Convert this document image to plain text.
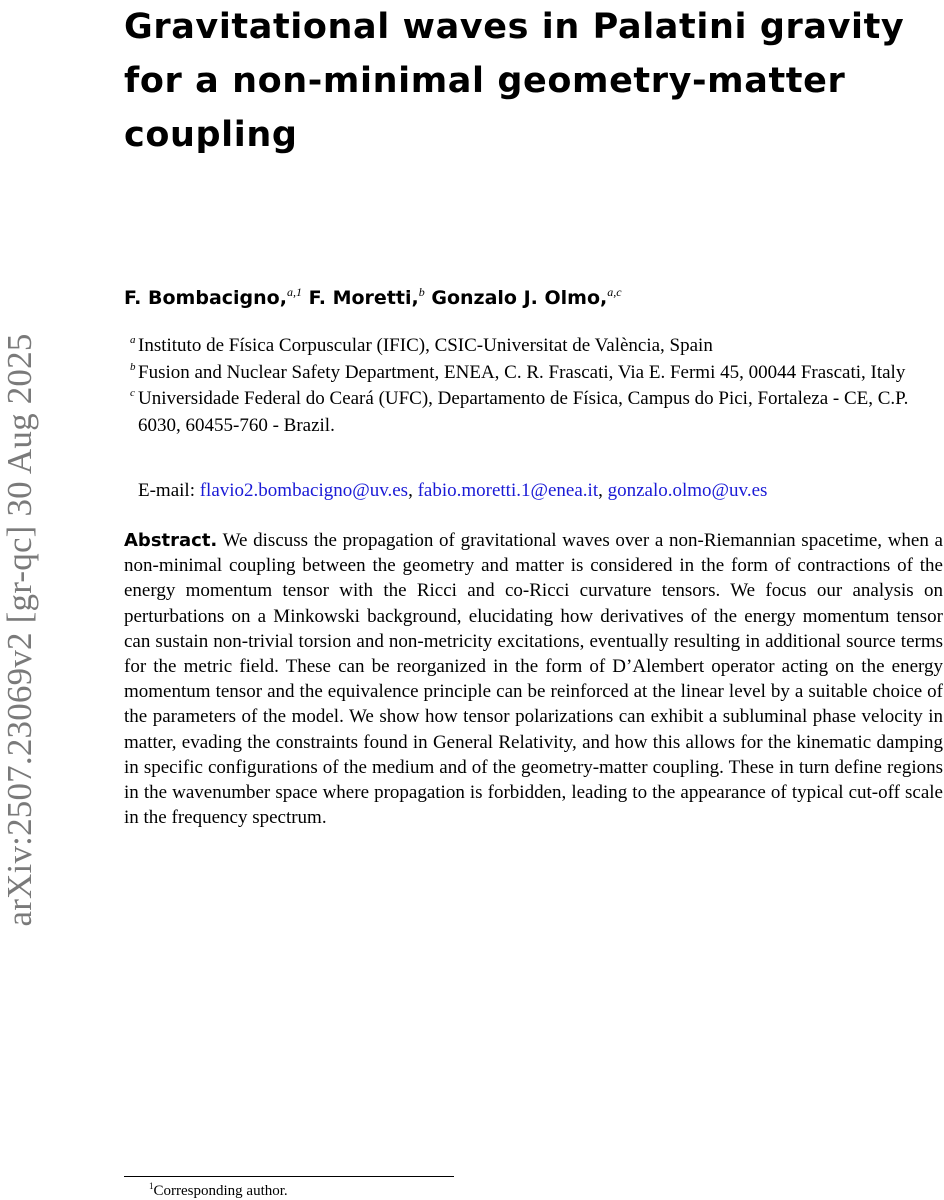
arXiv:2507.23069v2 [gr-qc] 30 Aug 2025
Gravitational waves in Palatini gravity for a non-minimal geometry-matter coupling
F. Bombacigno,$^{a,1}$ F. Moretti,$^b$ Gonzalo J. Olmo,$^{a,c}$
a Instituto de Física Corpuscular (IFIC), CSIC-Universitat de València, Spain
b Fusion and Nuclear Safety Department, ENEA, C. R. Frascati, Via E. Fermi 45, 00044 Frascati, Italy
c Universidade Federal do Ceará (UFC), Departamento de Física, Campus do Pici, Fortaleza - CE, C.P. 6030, 60455-760 - Brazil.
E-mail: flavio2.bombacigno@uv.es, fabio.moretti.1@enea.it, gonzalo.olmo@uv.es

Abstract. We discuss the propagation of gravitational waves over a non-Riemannian spacetime, when a non-minimal coupling between the geometry and matter is considered in the form of contractions of the energy momentum tensor with the Ricci and co-Ricci curvature tensors. We focus our analysis on perturbations on a Minkowski background, elucidating how derivatives of the energy momentum tensor can sustain non-trivial torsion and non-metricity excitations, eventually resulting in additional source terms for the metric field. These can be reorganized in the form of D’Alembert operator acting on the energy momentum tensor and the equivalence principle can be reinforced at the linear level by a suitable choice of the parameters of the model. We show how tensor polarizations can exhibit a subluminal phase velocity in matter, evading the constraints found in General Relativity, and how this allows for the kinematic damping in specific configurations of the medium and of the geometry-matter coupling. These in turn define regions in the wavenumber space where propagation is forbidden, leading to the appearance of typical cut-off scale in the frequency spectrum.

$^1$Corresponding author.
